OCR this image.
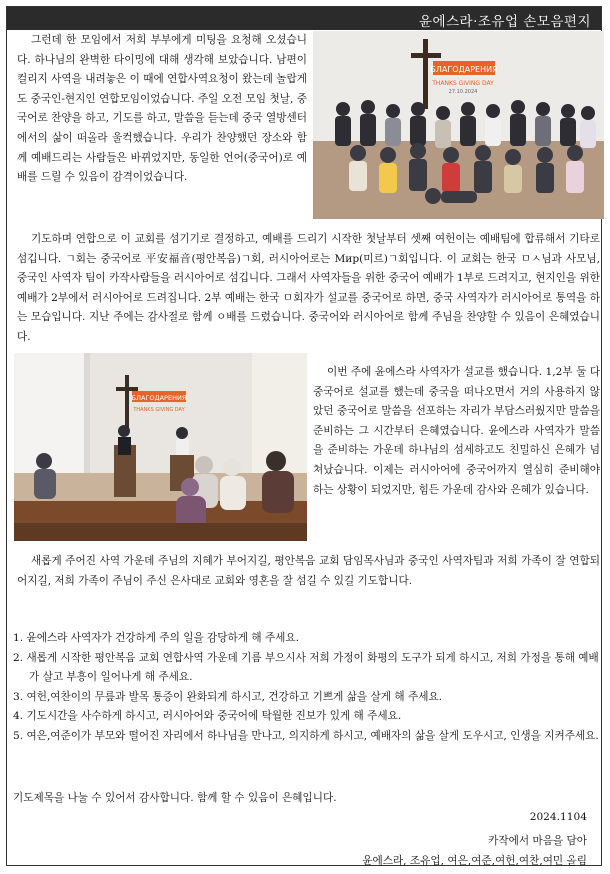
윤에스라·조유업 손모음편지

그런데 한 모임에서 저희 부부에게 미팅을 요청해 오셨습니다. 하나님의 완벽한 타이밍에 대해 생각해 보았습니다. 남편이 컬리지 사역을 내려놓은 이 때에 연합사역요청이 왔는데 놀랍게도 중국인-현지인 연합모임이었습니다. 주일 오전 모임 첫날, 중국어로 찬양을 하고, 기도를 하고, 말씀을 듣는데 중국 열방센터에서의 삶이 떠올라 울컥했습니다. 우리가 찬양했던 장소와 함께 예배드리는 사람들은 바뀌었지만, 동일한 언어(중국어)로 예배를 드릴 수 있음이 감격이었습니다.

БЛАГОДАРЕНИЯ
THANKS GIVING DAY
27.10.2024

기도하며 연합으로 이 교회를 섬기기로 결정하고, 예배를 드리기 시작한 첫날부터 셋째 여헌이는 예배팀에 합류해서 기타로 섬깁니다. ㄱ회는 중국어로 平安福音(평안복음)ㄱ회, 러시아어로는 Мир(미르)ㄱ회입니다. 이 교회는 한국 ㅁㅅ님과 사모님, 중국인 사역자 팀이 카작사람들을 러시아어로 섬깁니다. 그래서 사역자들을 위한 중국어 예배가 1부로 드려지고, 현지인을 위한 예배가 2부에서 러시아어로 드려집니다. 2부 예배는 한국 ㅁ회자가 설교를 중국어로 하면, 중국 사역자가 러시아어로 통역을 하는 모습입니다. 지난 주에는 감사절로 함께 ㅇ배를 드렸습니다. 중국어와 러시아어로 함께 주님을 찬양할 수 있음이 은혜였습니다.

БЛАГОДАРЕНИЯ
THANKS GIVING DAY

이번 주에 윤에스라 사역자가 설교를 했습니다. 1,2부 둘 다 중국어로 설교를 했는데 중국을 떠나오면서 거의 사용하지 않았던 중국어로 말씀을 선포하는 자리가 부담스러웠지만 말씀을 준비하는 그 시간부터 은혜였습니다. 윤에스라 사역자가 말씀을 준비하는 가운데 하나님의 섬세하고도 친밀하신 은혜가 넘쳐났습니다. 이제는 러시아어에 중국어까지 열심히 준비해야 하는 상황이 되었지만, 힘든 가운데 감사와 은혜가 있습니다.

새롭게 주어진 사역 가운데 주님의 지혜가 부어지길, 평안복음 교회 담임목사님과 중국인 사역자팀과 저희 가족이 잘 연합되어지길, 저희 가족이 주님이 주신 은사대로 교회와 영혼을 잘 섬길 수 있길 기도합니다.

1. 윤에스라 사역자가 건강하게 주의 일을 감당하게 해 주세요.
2. 새롭게 시작한 평안복음 교회 연합사역 가운데 기름 부으시사 저희 가정이 화평의 도구가 되게 하시고, 저희 가정을 통해 예배가 살고 부흥이 일어나게 해 주세요.
3. 여헌,여찬이의 무릎과 발목 통증이 완화되게 하시고, 건강하고 기쁘게 삶을 살게 해 주세요.
4. 기도시간을 사수하게 하시고, 러시아어와 중국어에 탁월한 진보가 있게 해 주세요.
5. 여은,여준이가 부모와 떨어진 자리에서 하나님을 만나고, 의지하게 하시고, 예배자의 삶을 살게 도우시고, 인생을 지켜주세요.
기도제목을 나눌 수 있어서 감사합니다. 함께 할 수 있음이 은혜입니다.
2024.1104
카작에서 마음을 담아
윤에스라, 조유업, 여은,여준,여헌,여찬,여민 올림
